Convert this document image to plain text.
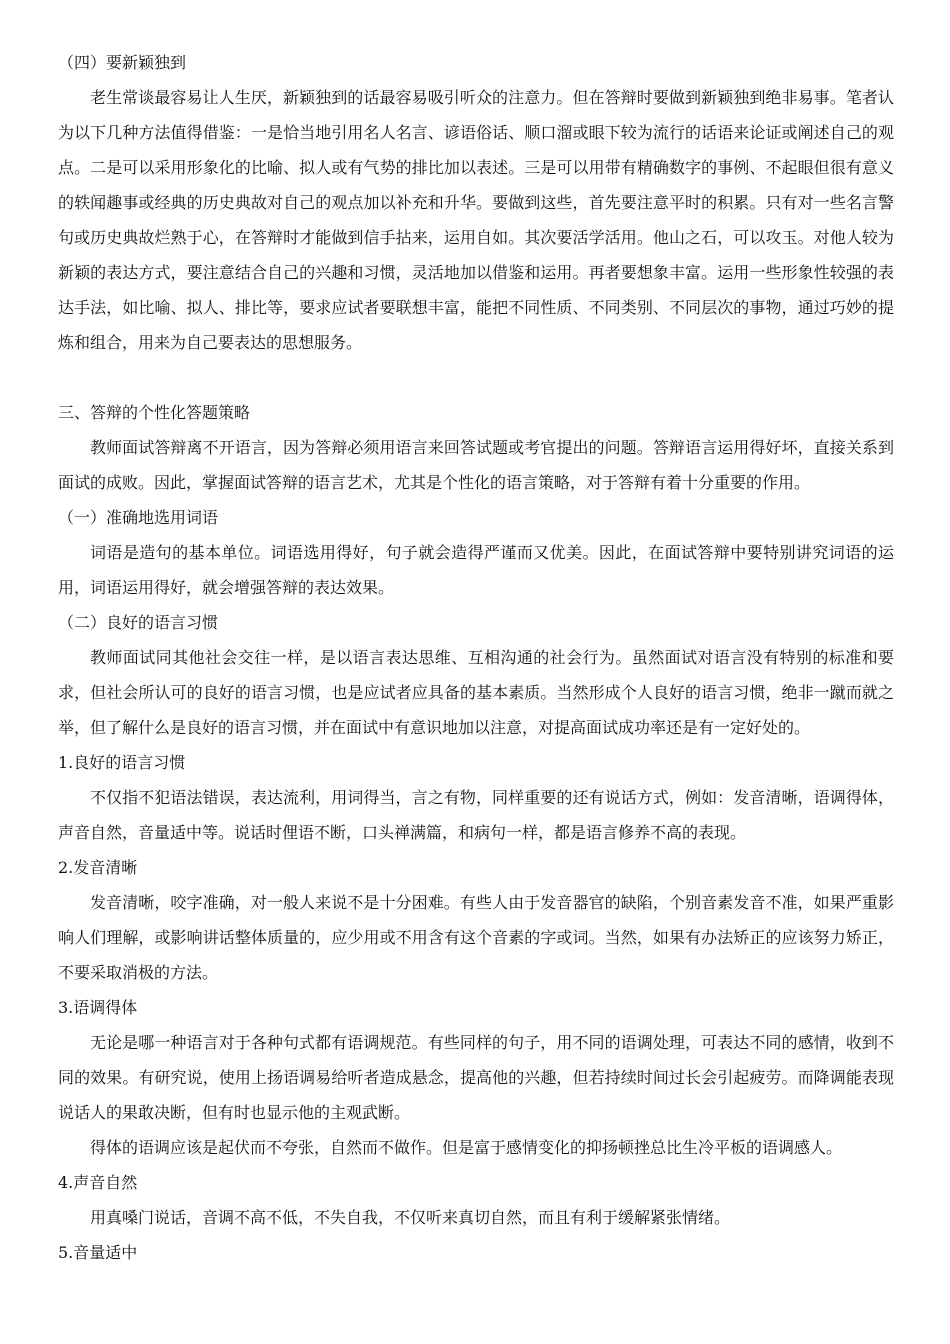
（四）要新颖独到

老生常谈最容易让人生厌，新颖独到的话最容易吸引听众的注意力。但在答辩时要做到新颖独到绝非易事。笔者认为以下几种方法值得借鉴：一是恰当地引用名人名言、谚语俗话、顺口溜或眼下较为流行的话语来论证或阐述自己的观点。二是可以采用形象化的比喻、拟人或有气势的排比加以表述。三是可以用带有精确数字的事例、不起眼但很有意义的轶闻趣事或经典的历史典故对自己的观点加以补充和升华。要做到这些，首先要注意平时的积累。只有对一些名言警句或历史典故烂熟于心，在答辩时才能做到信手拈来，运用自如。其次要活学活用。他山之石，可以攻玉。对他人较为新颖的表达方式，要注意结合自己的兴趣和习惯，灵活地加以借鉴和运用。再者要想象丰富。运用一些形象性较强的表达手法，如比喻、拟人、排比等，要求应试者要联想丰富，能把不同性质、不同类别、不同层次的事物，通过巧妙的提炼和组合，用来为自己要表达的思想服务。

三、答辩的个性化答题策略

教师面试答辩离不开语言，因为答辩必须用语言来回答试题或考官提出的问题。答辩语言运用得好坏，直接关系到面试的成败。因此，掌握面试答辩的语言艺术，尤其是个性化的语言策略，对于答辩有着十分重要的作用。

（一）准确地选用词语

词语是造句的基本单位。词语选用得好，句子就会造得严谨而又优美。因此，在面试答辩中要特别讲究词语的运用，词语运用得好，就会增强答辩的表达效果。

（二）良好的语言习惯

教师面试同其他社会交往一样，是以语言表达思维、互相沟通的社会行为。虽然面试对语言没有特别的标准和要求，但社会所认可的良好的语言习惯，也是应试者应具备的基本素质。当然形成个人良好的语言习惯，绝非一蹴而就之举，但了解什么是良好的语言习惯，并在面试中有意识地加以注意，对提高面试成功率还是有一定好处的。

1.良好的语言习惯

不仅指不犯语法错误，表达流利，用词得当，言之有物，同样重要的还有说话方式，例如：发音清晰，语调得体，声音自然，音量适中等。说话时俚语不断，口头禅满篇，和病句一样，都是语言修养不高的表现。

2.发音清晰

发音清晰，咬字准确，对一般人来说不是十分困难。有些人由于发音器官的缺陷，个别音素发音不准，如果严重影响人们理解，或影响讲话整体质量的，应少用或不用含有这个音素的字或词。当然，如果有办法矫正的应该努力矫正，不要采取消极的方法。

3.语调得体

无论是哪一种语言对于各种句式都有语调规范。有些同样的句子，用不同的语调处理，可表达不同的感情，收到不同的效果。有研究说，使用上扬语调易给听者造成悬念，提高他的兴趣，但若持续时间过长会引起疲劳。而降调能表现说话人的果敢决断，但有时也显示他的主观武断。

得体的语调应该是起伏而不夸张，自然而不做作。但是富于感情变化的抑扬顿挫总比生冷平板的语调感人。

4.声音自然

用真嗓门说话，音调不高不低，不失自我，不仅听来真切自然，而且有利于缓解紧张情绪。

5.音量适中
